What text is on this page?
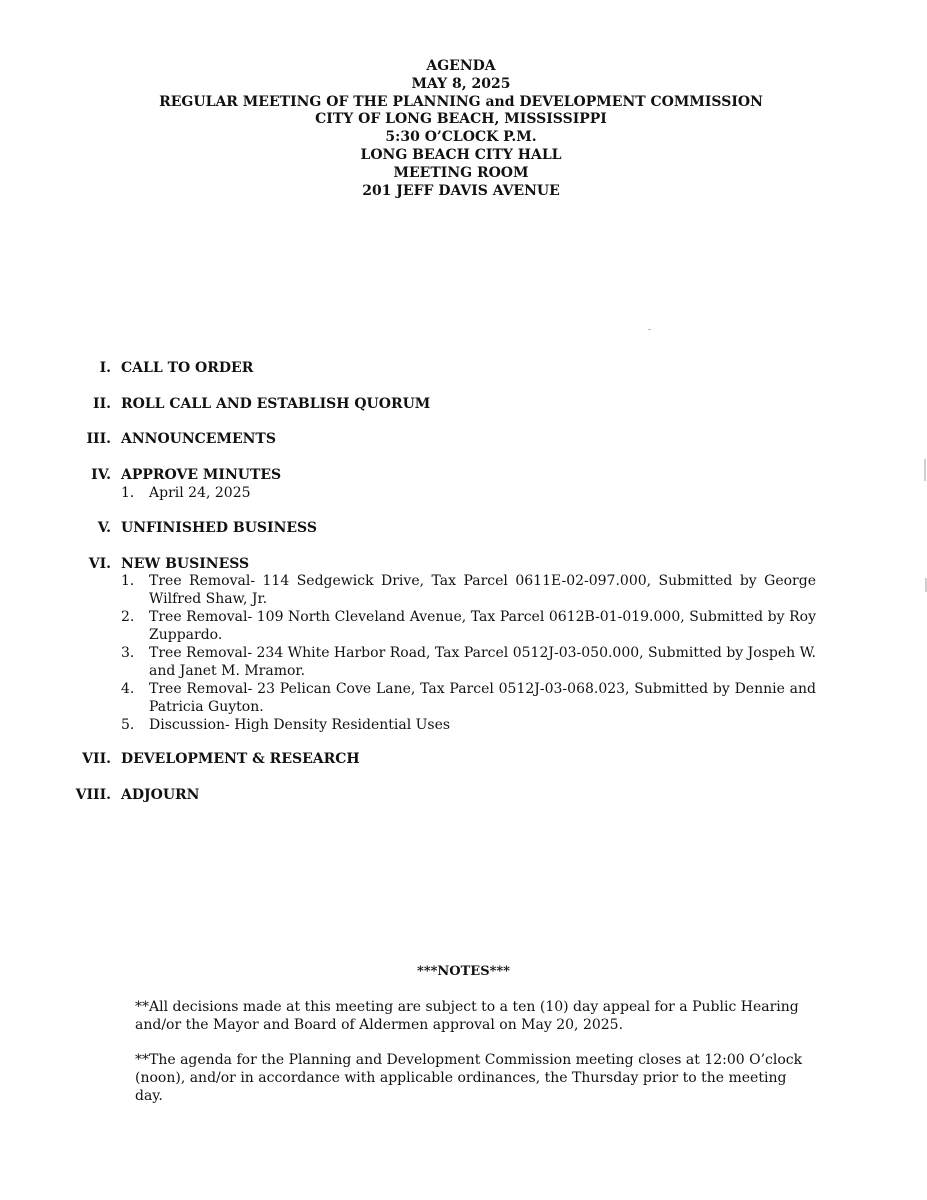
AGENDA
MAY 8, 2025
REGULAR MEETING OF THE PLANNING and DEVELOPMENT COMMISSION
CITY OF LONG BEACH, MISSISSIPPI
5:30 O’CLOCK P.M.
LONG BEACH CITY HALL
MEETING ROOM
201 JEFF DAVIS AVENUE
I. CALL TO ORDER
II. ROLL CALL AND ESTABLISH QUORUM
III. ANNOUNCEMENTS
IV. APPROVE MINUTES
1. April 24, 2025
V. UNFINISHED BUSINESS
VI. NEW BUSINESS
1. Tree Removal- 114 Sedgewick Drive, Tax Parcel 0611E-02-097.000, Submitted by George Wilfred Shaw, Jr.
2. Tree Removal- 109 North Cleveland Avenue, Tax Parcel 0612B-01-019.000, Submitted by Roy Zuppardo.
3. Tree Removal- 234 White Harbor Road, Tax Parcel 0512J-03-050.000, Submitted by Jospeh W. and Janet M. Mramor.
4. Tree Removal- 23 Pelican Cove Lane, Tax Parcel 0512J-03-068.023, Submitted by Dennie and Patricia Guyton.
5. Discussion- High Density Residential Uses
VII. DEVELOPMENT & RESEARCH
VIII. ADJOURN
***NOTES***
**All decisions made at this meeting are subject to a ten (10) day appeal for a Public Hearing and/or the Mayor and Board of Aldermen approval on May 20, 2025.
**The agenda for the Planning and Development Commission meeting closes at 12:00 O’clock (noon), and/or in accordance with applicable ordinances, the Thursday prior to the meeting day.
